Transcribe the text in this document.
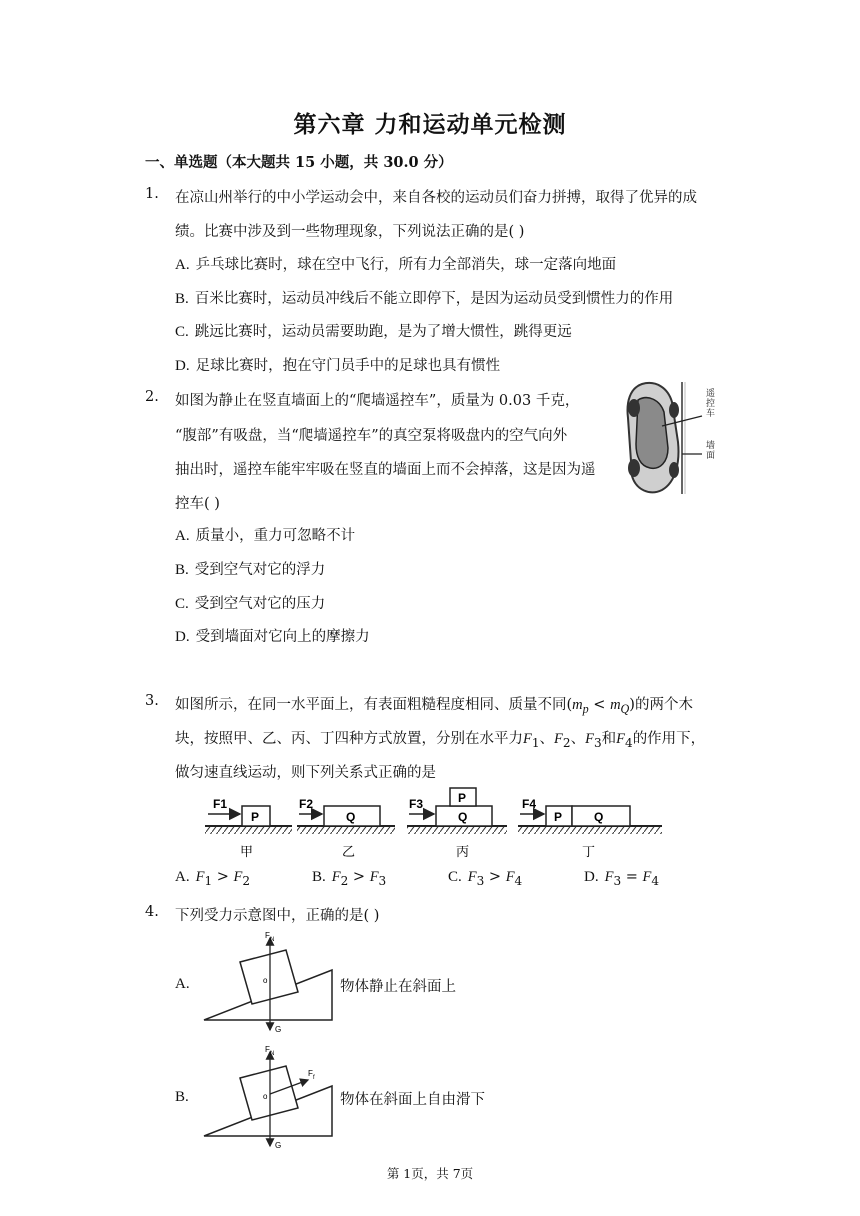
第六章 力和运动单元检测
一、单选题（本大题共 15 小题，共 30.0 分）
1. 在凉山州举行的中小学运动会中，来自各校的运动员们奋力拼搏，取得了优异的成
绩。比赛中涉及到一些物理现象，下列说法正确的是( )
A. 乒乓球比赛时，球在空中飞行，所有力全部消失，球一定落向地面
B. 百米比赛时，运动员冲线后不能立即停下，是因为运动员受到惯性力的作用
C. 跳远比赛时，运动员需要助跑，是为了增大惯性，跳得更远
D. 足球比赛时，抱在守门员手中的足球也具有惯性
2. 如图为静止在竖直墙面上的“爬墙遥控车”，质量为 0.03 千克，
“腹部”有吸盘，当“爬墙遥控车”的真空泵将吸盘内的空气向外
抽出时，遥控车能牢牢吸在竖直的墙面上而不会掉落，这是因为遥
控车( )
遥控车
墙面
A. 质量小，重力可忽略不计
B. 受到空气对它的浮力
C. 受到空气对它的压力
D. 受到墙面对它向上的摩擦力
3. 如图所示，在同一水平面上，有表面粗糙程度相同、质量不同$(m_p < m_Q)$的两个木
块，按照甲、乙、丙、丁四种方式放置，分别在水平力$F_1$、$F_2$、$F_3$和$F_4$的作用下，
做匀速直线运动，则下列关系式正确的是
P
F1
甲
Q
F2
乙
Q
P
F3
丙
P	Q
F4
丁
A. $F_1 > F_2$	B. $F_2 > F_3$	C. $F_3 > F_4$	D. $F_3 = F_4$
4. 下列受力示意图中，正确的是( )
A.
F N
o
G
物体静止在斜面上
B.
F N
F f
o
G
物体在斜面上自由滑下
第 1页，共 7页
